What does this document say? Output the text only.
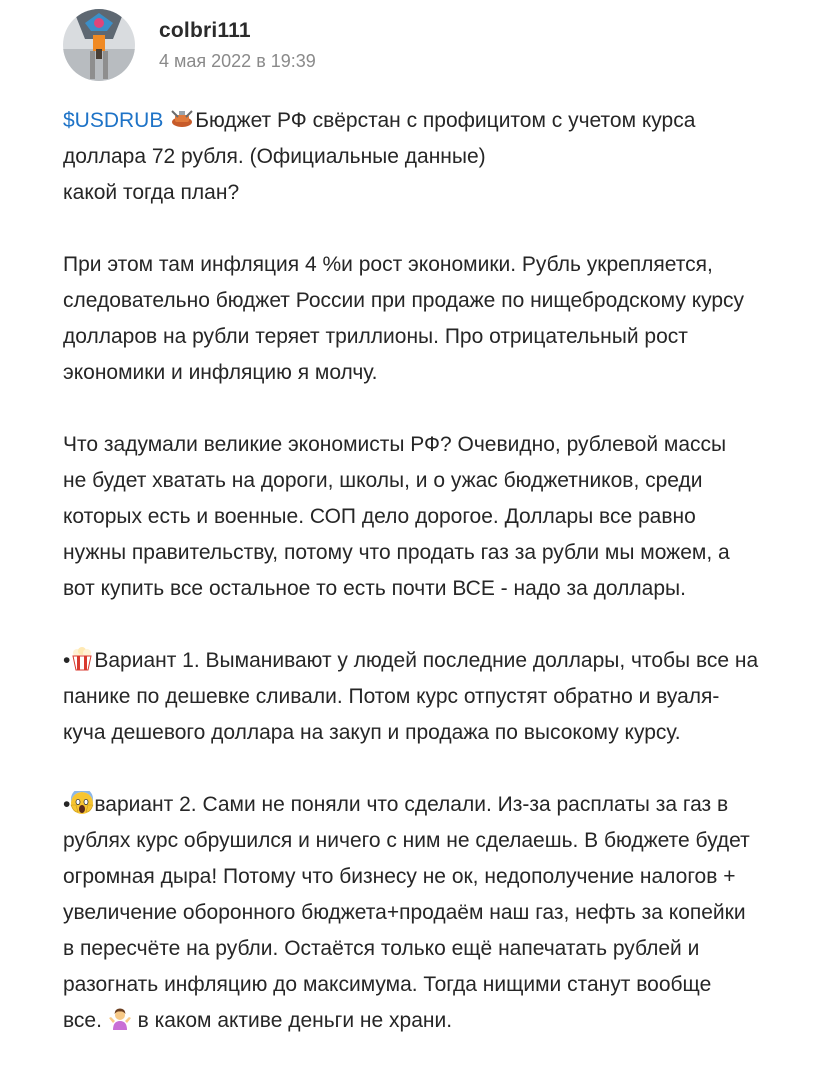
colbri111
4 мая 2022 в 19:39

$USDRUB Бюджет РФ свёрстан с профицитом с учетом курса
доллара 72 рубля. (Официальные данные)
какой тогда план?

При этом там инфляция 4 %и рост экономики. Рубль укрепляется,
следовательно бюджет России при продаже по нищебродскому курсу
долларов на рубли теряет триллионы. Про отрицательный рост
экономики и инфляцию я молчу.

Что задумали великие экономисты РФ? Очевидно, рублевой массы
не будет хватать на дороги, школы, и о ужас бюджетников, среди
которых есть и военные. СОП дело дорогое. Доллары все равно
нужны правительству, потому что продать газ за рубли мы можем, а
вот купить все остальное то есть почти ВСЕ - надо за доллары.

• Вариант 1. Выманивают у людей последние доллары, чтобы все на
панике по дешевке сливали. Потом курс отпустят обратно и вуаля-
куча дешевого доллара на закуп и продажа по высокому курсу.

• вариант 2. Сами не поняли что сделали. Из-за расплаты за газ в
рублях курс обрушился и ничего с ним не сделаешь. В бюджете будет
огромная дыра! Потому что бизнесу не ок, недополучение налогов +
увеличение оборонного бюджета+продаём наш газ, нефть за копейки
в пересчёте на рубли. Остаётся только ещё напечатать рублей и
разогнать инфляцию до максимума. Тогда нищими станут вообще
все. в каком активе деньги не храни.
